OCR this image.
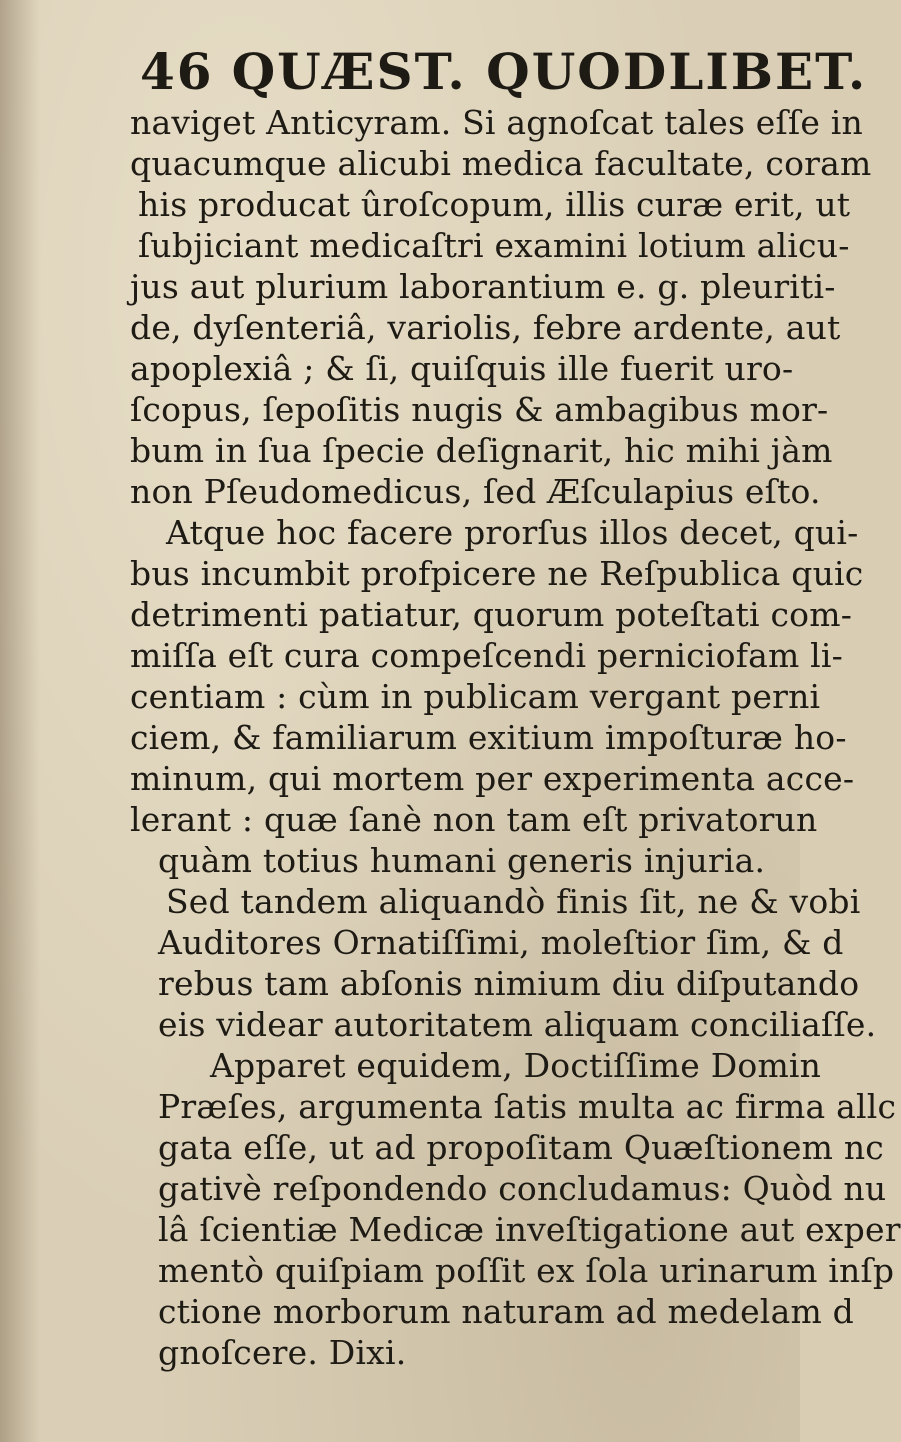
46 QUÆST. QUODLIBET.
naviget Anticyram. Si agnoſcat tales eſſe in
quacumque alicubi medica facultate, coram
his producat ûroſcopum, illis curæ erit, ut
ſubjiciant medicaſtri examini lotium alicu-
jus aut plurium laborantium e. g. pleuriti-
de, dyſenteriâ, variolis, febre ardente, aut
apoplexiâ ; & ſi, quiſquis ille fuerit uro-
ſcopus, ſepoſitis nugis & ambagibus mor-
bum in ſua ſpecie deſignarit, hic mihi jàm
non Pſeudomedicus, ſed Æſculapius eſto.
Atque hoc facere prorſus illos decet, qui-
bus incumbit profpicere ne Reſpublica quic
detrimenti patiatur, quorum poteſtati com-
miſſa eſt cura compeſcendi perniciofam li-
centiam : cùm in publicam vergant perni
ciem, & familiarum exitium impoſturæ ho-
minum, qui mortem per experimenta acce-
lerant : quæ ſanè non tam eſt privatorun
quàm totius humani generis injuria.
Sed tandem aliquandò finis ſit, ne & vobi
Auditores Ornatiſſimi, moleſtior ſim, & d
rebus tam abſonis nimium diu diſputando
eis videar autoritatem aliquam conciliaſſe.
Apparet equidem, Doctiſſime Domin
Præſes, argumenta ſatis multa ac firma allc
gata eſſe, ut ad propoſitam Quæſtionem nc
gativè reſpondendo concludamus: Quòd nu
lâ ſcientiæ Medicæ inveſtigatione aut exper
mentò quiſpiam poſſit ex ſola urinarum inſp
ctione morborum naturam ad medelam d
gnoſcere. Dixi.
